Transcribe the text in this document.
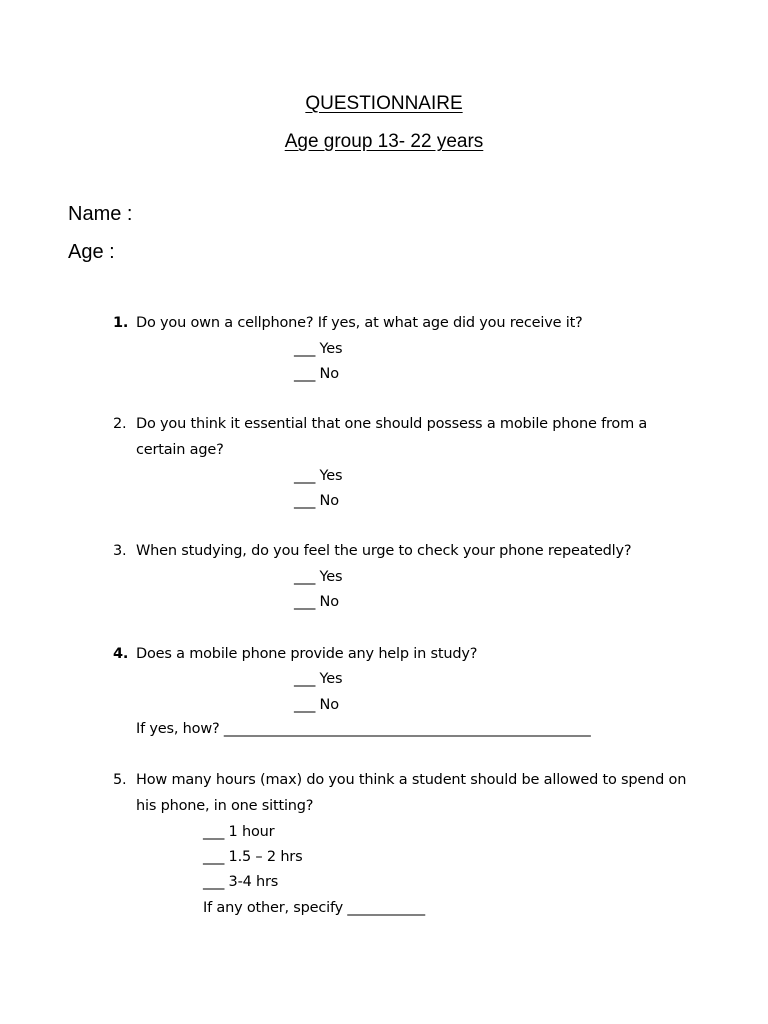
QUESTIONNAIRE
Age group 13- 22 years
Name :
Age :
1. Do you own a cellphone? If yes, at what age did you receive it?
___ Yes
___ No
2. Do you think it essential that one should possess a mobile phone from a
certain age?
___ Yes
___ No
3. When studying, do you feel the urge to check your phone repeatedly?
___ Yes
___ No
4. Does a mobile phone provide any help in study?
___ Yes
___ No
If yes, how? ____________________________________________________
5. How many hours (max) do you think a student should be allowed to spend on
his phone, in one sitting?
___ 1 hour
___ 1.5 – 2 hrs
___ 3-4 hrs
If any other, specify ___________
